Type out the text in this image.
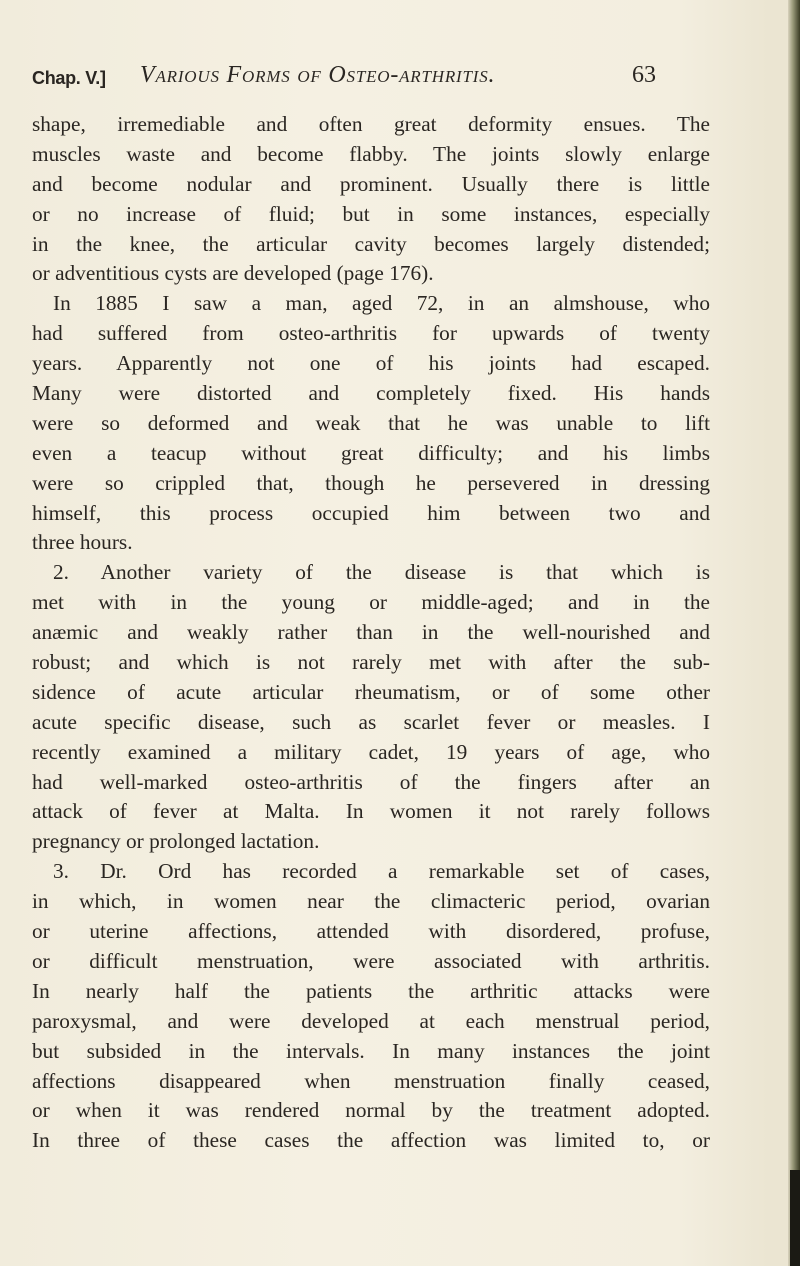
Chap. V.] Various Forms of Osteo-arthritis.	63
shape, irremediable and often great deformity ensues. The
muscles waste and become flabby. The joints slowly enlarge
and become nodular and prominent. Usually there is little
or no increase of fluid; but in some instances, especially
in the knee, the articular cavity becomes largely distended;
or adventitious cysts are developed (page 176).
In 1885 I saw a man, aged 72, in an almshouse, who
had suffered from osteo-arthritis for upwards of twenty
years. Apparently not one of his joints had escaped.
Many were distorted and completely fixed. His hands
were so deformed and weak that he was unable to lift
even a teacup without great difficulty; and his limbs
were so crippled that, though he persevered in dressing
himself, this process occupied him between two and
three hours.
2. Another variety of the disease is that which is
met with in the young or middle-aged; and in the
anæmic and weakly rather than in the well-nourished and
robust; and which is not rarely met with after the sub-
sidence of acute articular rheumatism, or of some other
acute specific disease, such as scarlet fever or measles. I
recently examined a military cadet, 19 years of age, who
had well-marked osteo-arthritis of the fingers after an
attack of fever at Malta. In women it not rarely follows
pregnancy or prolonged lactation.
3. Dr. Ord has recorded a remarkable set of cases,
in which, in women near the climacteric period, ovarian
or uterine affections, attended with disordered, profuse,
or difficult menstruation, were associated with arthritis.
In nearly half the patients the arthritic attacks were
paroxysmal, and were developed at each menstrual period,
but subsided in the intervals. In many instances the joint
affections disappeared when menstruation finally ceased,
or when it was rendered normal by the treatment adopted.
In three of these cases the affection was limited to, or
